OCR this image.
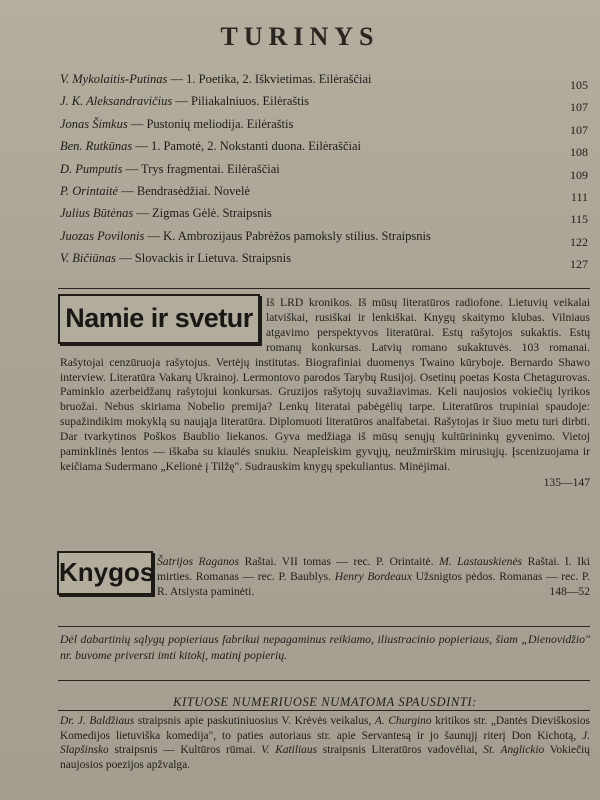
TURINYS
V. Mykolaitis-Putinas — 1. Poetika, 2. Iškvietimas. Eilėraščiai	105
J. K. Aleksandravičius — Piliakalniuos. Eilėraštis	107
Jonas Šimkus — Pustonių meliodija. Eilėraštis	107
Ben. Rutkūnas — 1. Pamotė, 2. Nokstanti duona. Eilėraščiai	108
D. Pumputis — Trys fragmentai. Eilėraščiai	109
P. Orintaitė — Bendrasėdžiai. Novelė	111
Julius Būtėnas — Zigmas Gėlė. Straipsnis	115
Juozas Povilonis — K. Ambrozijaus Pabrėžos pamoksly stilius. Straipsnis	122
V. Bičiūnas — Slovackis ir Lietuva. Straipsnis	127
Iš LRD kronikos. Iš mūsų literatūros radiofone. Lietuvių veikalai latviškai, rusiškai ir lenkiškai. Knygų skaitymo klubas. Vilniaus atgavimo perspektyvos literatūrai. Estų rašytojos sukaktis. Estų romanų konkursas. Latvių romano sukaktuvės. 103 romanai. Rašytojai cenzūruoja rašytojus. Vertėjų institutas. Biografiniai duomenys Twaino kūryboje. Bernardo Shawo interview. Literatūra Vakarų Ukrainoj. Lermontovo parodos Tarybų Rusijoj. Osetinų poetas Kosta Chetagurovas. Paminklo azerbeidžanų rašytojui konkursas. Gruzijos rašytojų suvažiavimas. Keli naujosios vokiečių lyrikos bruožai. Nebus skiriama Nobelio premija? Lenkų literatai pabėgėlių tarpe. Literatūros trupiniai spaudoje: supažindikim mokyklą su naująja literatūra. Diplomuoti literatūros analfabetai. Rašytojas ir šiuo metu turi dirbti. Dar tvarkytinos Poškos Baublio liekanos. Gyva medžiaga iš mūsų senųjų kultūrininkų gyvenimo. Vietoj paminklinės lentos — iškaba su kiaulės snukiu. Neapleiskim gyvųjų, neužmirškim mirusiųjų. Įscenizuojama ir keičiama Sudermano „Kelionė į Tilžę". Sudrauskim knygų spekuliantus. Minėjimai.
135—147
Namie ir svetur
Šatrijos Raganos Raštai. VII tomas — rec. P. Orintaitė. M. Lastauskienės Raštai. I. Iki mirties. Romanas — rec. P. Baublys. Henry Bordeaux Užsnigtos pėdos. Romanas — rec. P. R. Atsiysta paminėti.	148—52
Knygos
Dėl dabartinių sąlygų popieriaus fabrikui nepagaminus reikiamo, iliustracinio popieriaus, šiam „Dienovidžio" nr. buvome priversti imti kitokį, matinį popierių.
KITUOSE NUMERIUOSE NUMATOMA SPAUSDINTI:
Dr. J. Baldžiaus straipsnis apie paskutiniuosius V. Krėvės veikalus, A. Churgino kritikos str. „Dantės Dieviškosios Komedijos lietuviška komedija", to paties autoriaus str. apie Servantesą ir jo šaunųjį riterį Don Kichotą, J. Slapšinsko straipsnis — Kultūros rūmai. V. Katiliaus straipsnis Literatūros vadovėliai, St. Anglickio Vokiečių naujosios poezijos apžvalga.
